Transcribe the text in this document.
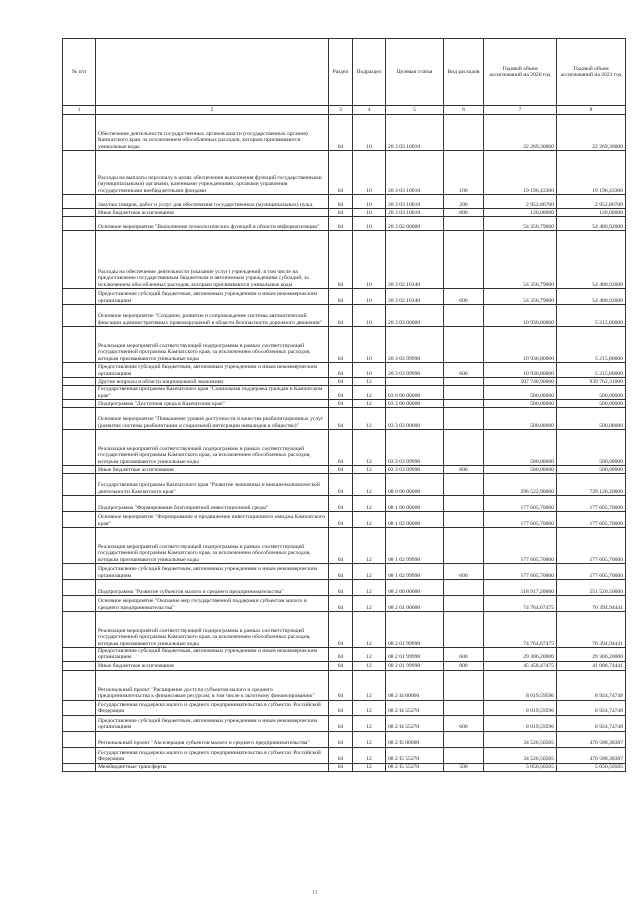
№ п/п		Раздел	Подраздел	Целевая статья	Вид расходов	Годовой объем ассигнований на 2020 год	Годовой объем ассигнований на 2021 год
1	2	3	4	5	6	7	8
	Обеспечение деятельности государственных органов власти (государственных органов) Камчатского края, за исключением обособленных расходов, которым присваиваются уникальные коды	04	10	20 3 03 10010		22 269,30000	22 269,30000
	Расходы на выплаты персоналу в целях обеспечения выполнения функций государственными (муниципальными) органами, казенными учреждениями, органами управления государственными внебюджетными фондами	04	10	20 3 03 10010	100	19 196,43300	19 196,43300
	Закупка товаров, работ и услуг для обеспечения государственных (муниципальных) нужд	04	10	20 3 03 10010	200	2 952,86700	2 952,86700
	Иные бюджетные ассигнования	04	10	20 3 03 10010	800	120,00000	120,00000
	Основное мероприятие "Выполнение технологических функций в области информатизации"	04	10	20 3 02 00000		54 356,79000	54 480,92000
	Расходы на обеспечение деятельности (оказание услуг) учреждений, в том числе на предоставление государственным бюджетным и автономным учреждениям субсидий, за исключением обособленных расходов, которым присваиваются уникальные коды	04	10	20 3 02 10140		54 356,79000	54 480,92000
	Предоставление субсидий бюджетным, автономным учреждениям и иным некоммерческим организациям	04	10	20 3 02 10140	600	54 356,79000	54 480,92000
	Основное мероприятие "Создание, развитие и сопровождение системы автоматической фиксации административных правонарушений в области безопасности дорожного движения"	04	10	20 3 03 00000		10 936,80000	5 215,80000
	Реализация мероприятий соответствующей подпрограммы в рамках соответствующей государственной программы Камчатского края, за исключением обособленных расходов, которым присваиваются уникальные коды	04	10	20 3 03 99990		10 936,80000	5 215,80000
	Предоставление субсидий бюджетным, автономным учреждениям и иным некоммерческим организациям	04	10	20 3 03 99990	600	10 936,80000	5 215,80000
	Другие вопросы в области национальной экономики	04	12			507 740,90000	939 762,31000
	Государственная программа Камчатского края "Социальная поддержка граждан в Камчатском крае"	04	12	03 0 00 00000		500,00000	500,00000
	Подпрограмма "Доступная среда в Камчатском крае"	04	12	03 3 00 00000		500,00000	500,00000
	Основное мероприятие "Повышение уровня доступности и качества реабилитационных услуг (развитие системы реабилитации и социальной интеграции инвалидов в общество)"	04	12	03 3 03 00000		500,00000	500,00000
	Реализация мероприятий соответствующей подпрограммы в рамках соответствующей государственной программы Камчатского края, за исключением обособленных расходов, которым присваиваются уникальные коды	04	12	03 3 03 99990		500,00000	500,00000
	Иные бюджетные ассигнования	04	12	03 3 03 99990	800	500,00000	500,00000
	Государственная программа Камчатского края "Развитие экономики и внешнеэкономической деятельности Камчатского края"	04	12	08 0 00 00000		296 522,90000	729 126,20000
	Подпрограмма "Формирование благоприятной инвестиционной среды"	04	12	08 1 00 00000		177 605,70000	177 605,70000
	Основное мероприятие "Формирование и продвижение инвестиционного имиджа Камчатского края"	04	12	08 1 02 00000		177 605,70000	177 605,70000
	Реализация мероприятий соответствующей подпрограммы в рамках соответствующей государственной программы Камчатского края, за исключением обособленных расходов, которым присваиваются уникальные коды	04	12	08 1 02 99990		177 605,70000	177 605,70000
	Предоставление субсидий бюджетным, автономным учреждениям и иным некоммерческим организациям	04	12	08 1 02 99990	600	177 605,70000	177 605,70000
	Подпрограмма "Развитие субъектов малого и среднего предпринимательства"	04	12	08 2 00 00000		118 917,20000	551 520,50000
	Основное мероприятие "Оказание мер государственной поддержки субъектам малого и среднего предпринимательства"	04	12	08 2 01 00000		74 764,67475	70 394,94441
	Реализация мероприятий соответствующей подпрограммы в рамках соответствующей государственной программы Камчатского края, за исключением обособленных расходов, которым присваиваются уникальные коды	04	12	08 2 01 99990		74 764,67475	70 394,94441
	Предоставление субсидий бюджетным, автономным учреждениям и иным некоммерческим организациям	04	12	08 2 01 99990	600	29 306,20000	29 306,20000
	Иные бюджетные ассигнования	04	12	08 2 01 99990	800	45 458,47475	41 088,74441
	Региональный проект "Расширение доступа субъектов малого и среднего предпринимательства к финансовым ресурсам, в том числе к льготному финансированию"	04	12	08 2 I4 00000		8 019,59596	8 924,74748
	Государственная поддержка малого и среднего предпринимательства в субъектах Российской Федерации	04	12	08 2 I4 55270		8 019,59596	8 924,74748
	Предоставление субсидий бюджетным, автономным учреждениям и иным некоммерческим организациям	04	12	08 2 I4 55270	600	8 019,59596	8 924,74748
	Региональный проект "Акселерация субъектов малого и среднего предпринимательства"	04	12	08 2 I5 00000		34 520,50505	470 588,38387
	Государственная поддержка малого и среднего предпринимательства в субъектах Российской Федерации	04	12	08 2 I5 55270		34 520,50505	470 588,38387
	Межбюджетные трансферты	04	12	08 2 I5 55270	500	5 050,50505	5 050,50505
11
